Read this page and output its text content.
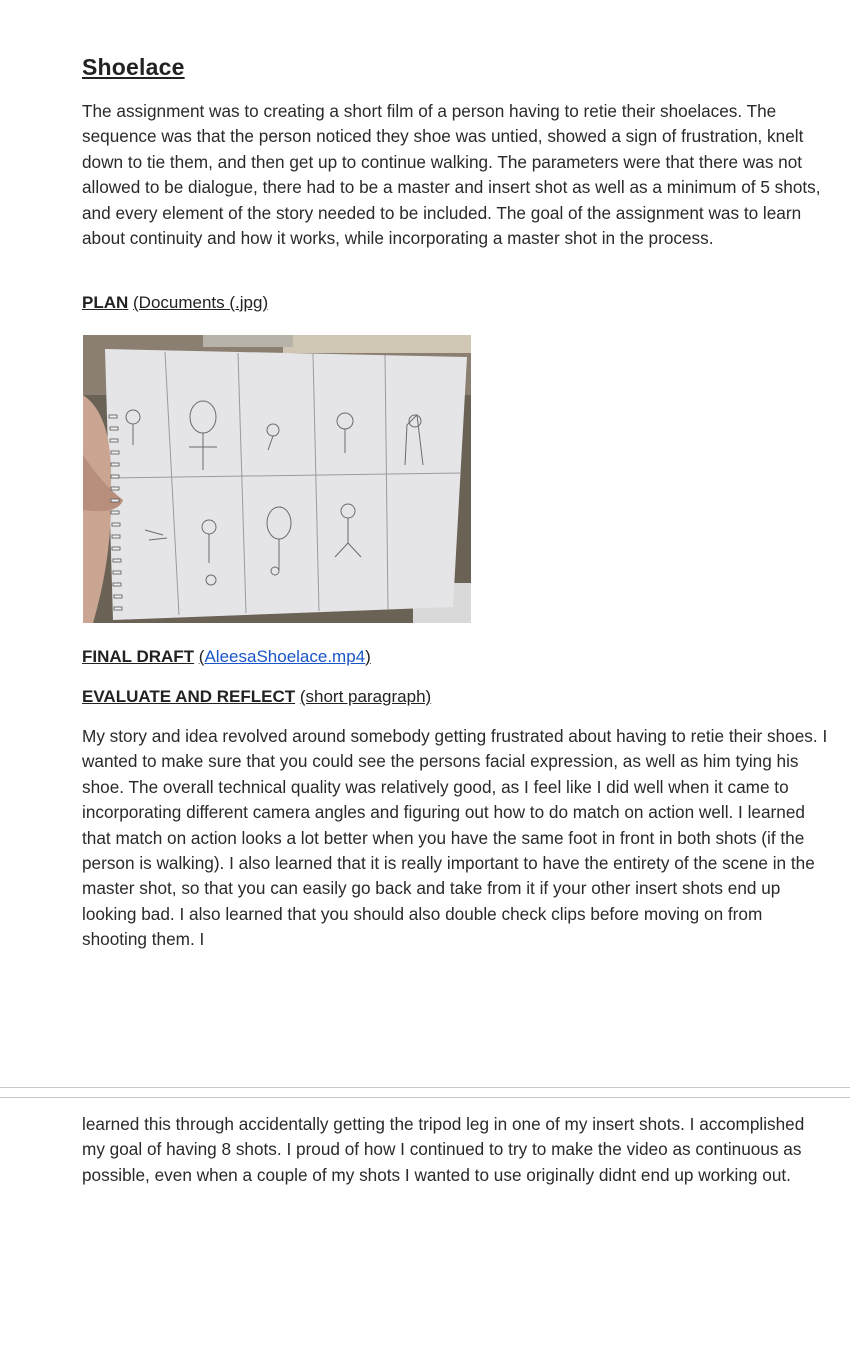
Shoelace

The assignment was to creating a short film of a person having to retie their shoelaces. The sequence was that the person noticed they shoe was untied, showed a sign of frustration, knelt down to tie them, and then get up to continue walking. The parameters were that there was not allowed to be dialogue, there had to be a master and insert shot as well as a minimum of 5 shots, and every element of the story needed to be included. The goal of the assignment was to learn about continuity and how it works, while incorporating a master shot in the process.

PLAN (Documents (.jpg)
FINAL DRAFT (AleesaShoelace.mp4)
EVALUATE AND REFLECT (short paragraph)

My story and idea revolved around somebody getting frustrated about having to retie their shoes. I wanted to make sure that you could see the persons facial expression, as well as him tying his shoe. The overall technical quality was relatively good, as I feel like I did well when it came to incorporating different camera angles and figuring out how to do match on action well. I learned that match on action looks a lot better when you have the same foot in front in both shots (if the person is walking). I also learned that it is really important to have the entirety of the scene in the master shot, so that you can easily go back and take from it if your other insert shots end up looking bad. I also learned that you should also double check clips before moving on from shooting them. I

learned this through accidentally getting the tripod leg in one of my insert shots. I accomplished my goal of having 8 shots. I proud of how I continued to try to make the video as continuous as possible, even when a couple of my shots I wanted to use originally didnt end up working out.
